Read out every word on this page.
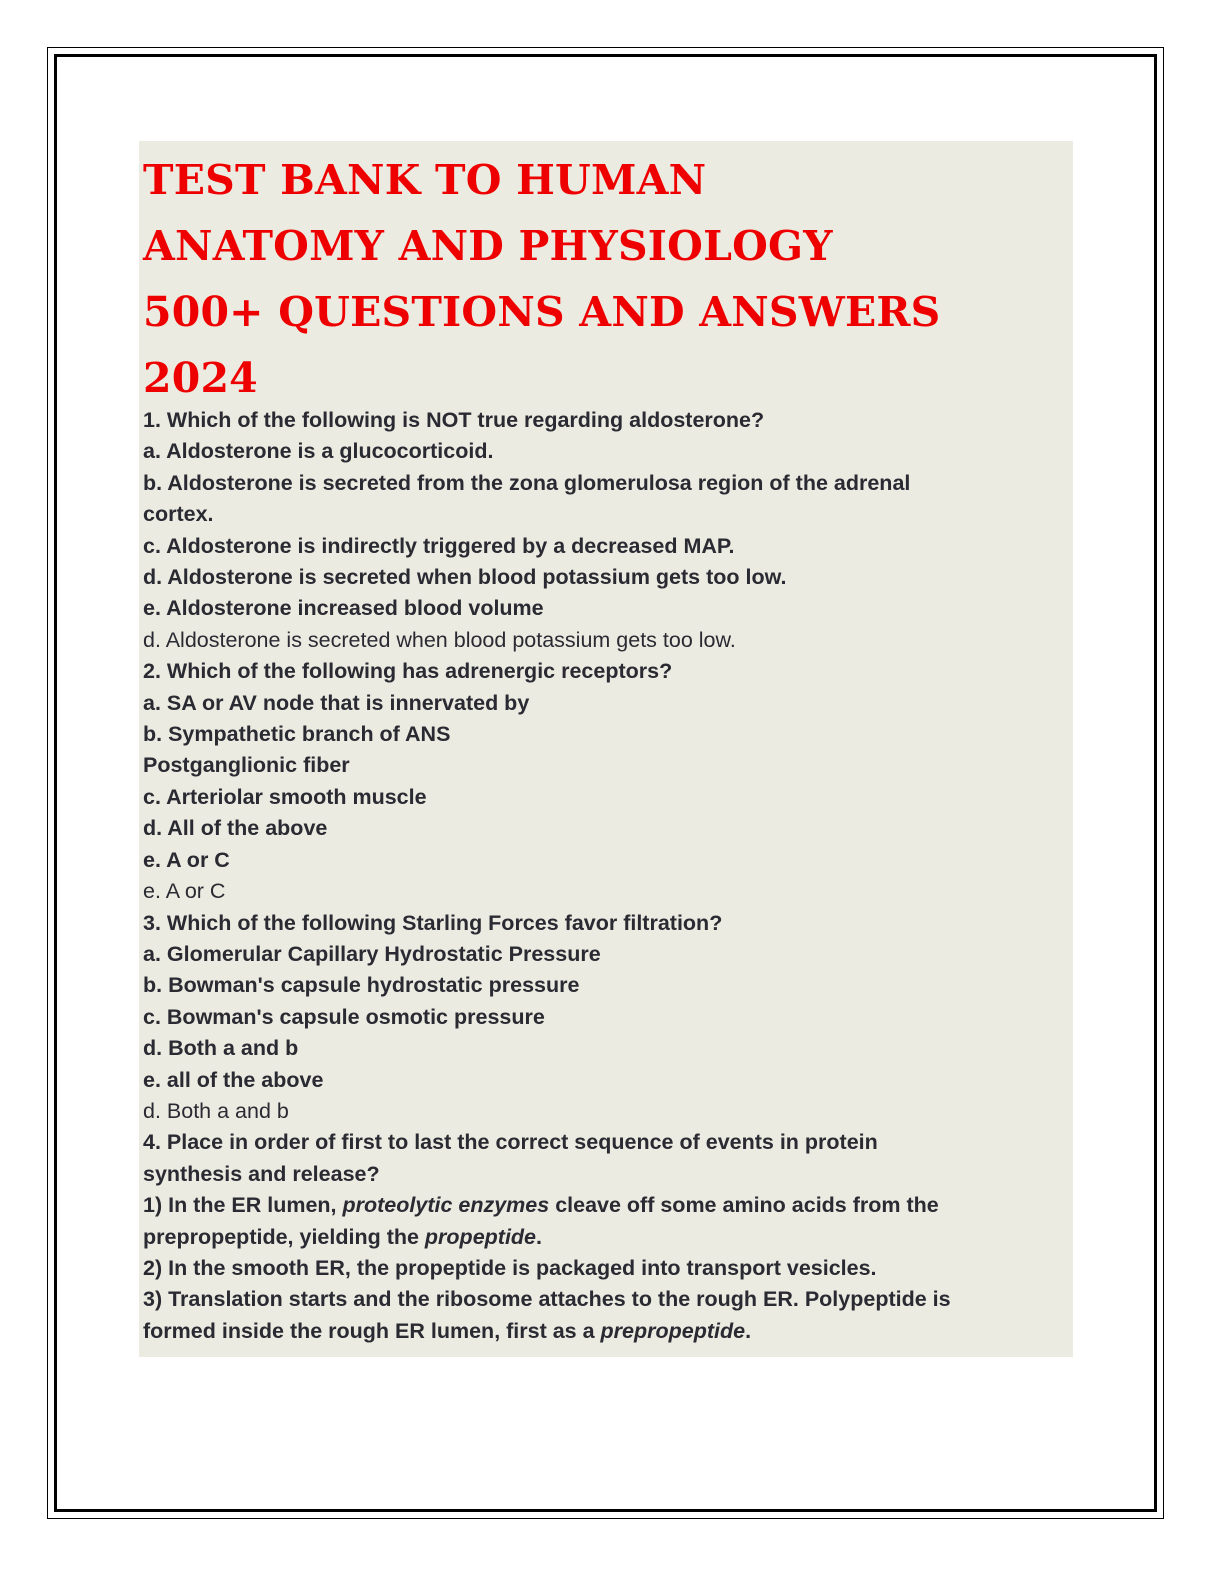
TEST BANK TO HUMAN
ANATOMY AND PHYSIOLOGY
500+ QUESTIONS AND ANSWERS
2024
1. Which of the following is NOT true regarding aldosterone?
a. Aldosterone is a glucocorticoid.
b. Aldosterone is secreted from the zona glomerulosa region of the adrenal
cortex.
c. Aldosterone is indirectly triggered by a decreased MAP.
d. Aldosterone is secreted when blood potassium gets too low.
e. Aldosterone increased blood volume
d. Aldosterone is secreted when blood potassium gets too low.
2. Which of the following has adrenergic receptors?
a. SA or AV node that is innervated by
b. Sympathetic branch of ANS
Postganglionic fiber
c. Arteriolar smooth muscle
d. All of the above
e. A or C
e. A or C
3. Which of the following Starling Forces favor filtration?
a. Glomerular Capillary Hydrostatic Pressure
b. Bowman's capsule hydrostatic pressure
c. Bowman's capsule osmotic pressure
d. Both a and b
e. all of the above
d. Both a and b
4. Place in order of first to last the correct sequence of events in protein
synthesis and release?
1) In the ER lumen, proteolytic enzymes cleave off some amino acids from the
prepropeptide, yielding the propeptide.
2) In the smooth ER, the propeptide is packaged into transport vesicles.
3) Translation starts and the ribosome attaches to the rough ER. Polypeptide is
formed inside the rough ER lumen, first as a prepropeptide.
